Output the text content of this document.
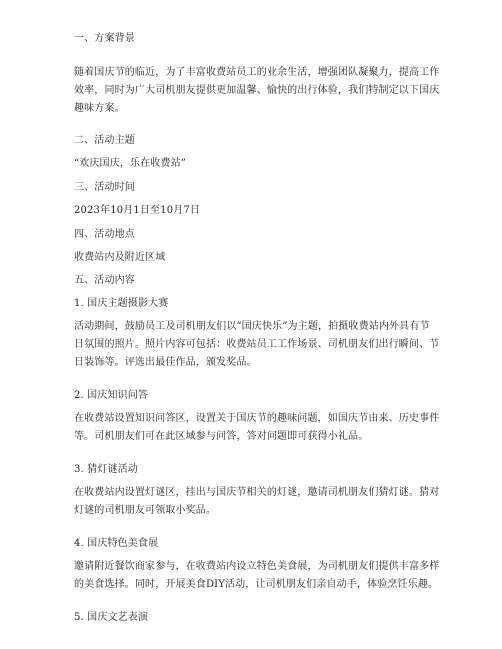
一、方案背景
随着国庆节的临近，为了丰富收费站员工的业余生活，增强团队凝聚力，提高工作
效率，同时为广大司机朋友提供更加温馨、愉快的出行体验，我们特制定以下国庆
趣味方案。
二、活动主题
“欢庆国庆，乐在收费站”
三、活动时间
2023年10月1日至10月7日
四、活动地点
收费站内及附近区域
五、活动内容
1. 国庆主题摄影大赛
活动期间，鼓励员工及司机朋友们以“国庆快乐”为主题，拍摄收费站内外具有节
日氛围的照片。照片内容可包括：收费站员工工作场景、司机朋友们出行瞬间、节
日装饰等。评选出最佳作品，颁发奖品。
2. 国庆知识问答
在收费站设置知识问答区，设置关于国庆节的趣味问题，如国庆节由来、历史事件
等。司机朋友们可在此区域参与问答，答对问题即可获得小礼品。
3. 猜灯谜活动
在收费站内设置灯谜区，挂出与国庆节相关的灯谜，邀请司机朋友们猜灯谜。猜对
灯谜的司机朋友可领取小奖品。
4. 国庆特色美食展
邀请附近餐饮商家参与，在收费站内设立特色美食展，为司机朋友们提供丰富多样
的美食选择。同时，开展美食DIY活动，让司机朋友们亲自动手，体验烹饪乐趣。
5. 国庆文艺表演
